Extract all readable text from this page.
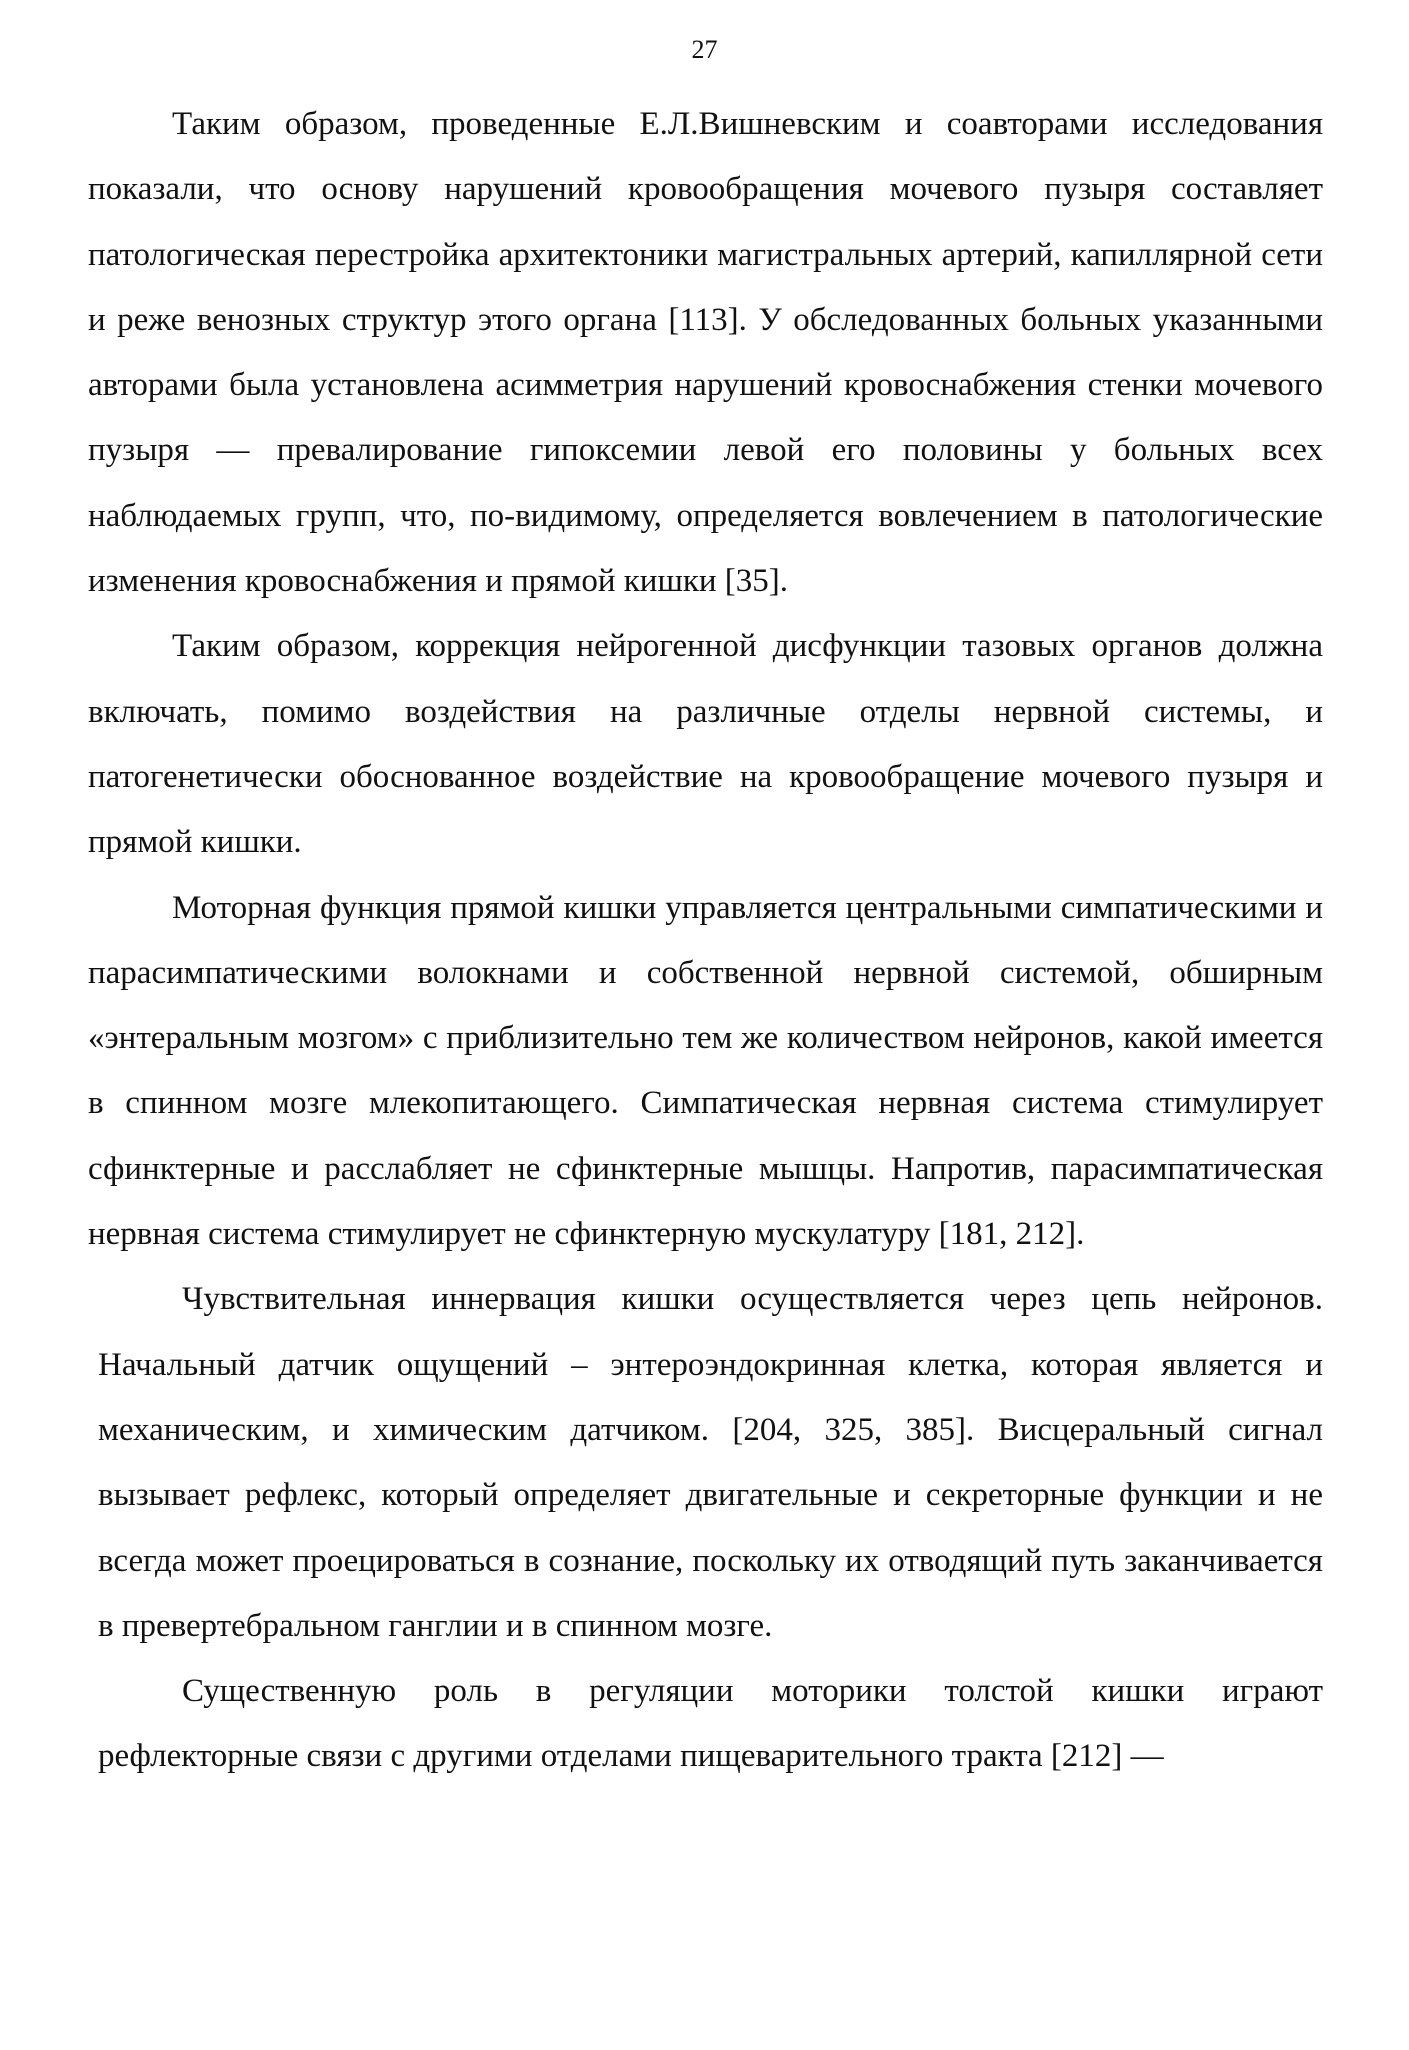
27

Таким образом, проведенные Е.Л.Вишневским и соавторами исследования показали, что основу нарушений кровообращения мочевого пузыря составляет патологическая перестройка архитектоники магистральных артерий, капиллярной сети и реже венозных структур этого органа [113]. У обследованных больных указанными авторами была установлена асимметрия нарушений кровоснабжения стенки мочевого пузыря — превалирование гипоксемии левой его половины у больных всех наблюдаемых групп, что, по-видимому, определяется вовлечением в патологические изменения кровоснабжения и прямой кишки [35].

Таким образом, коррекция нейрогенной дисфункции тазовых органов должна включать, помимо воздействия на различные отделы нервной системы, и патогенетически обоснованное воздействие на кровообращение мочевого пузыря и прямой кишки.

Моторная функция прямой кишки управляется центральными симпатическими и парасимпатическими волокнами и собственной нервной системой, обширным «энтеральным мозгом» с приблизительно тем же количеством нейронов, какой имеется в спинном мозге млекопитающего. Симпатическая нервная система стимулирует сфинктерные и расслабляет не сфинктерные мышцы. Напротив, парасимпатическая нервная система стимулирует не сфинктерную мускулатуру [181, 212].

Чувствительная иннервация кишки осуществляется через цепь нейронов. Начальный датчик ощущений – энтероэндокринная клетка, которая является и механическим, и химическим датчиком. [204, 325, 385]. Висцеральный сигнал вызывает рефлекс, который определяет двигательные и секреторные функции и не всегда может проецироваться в сознание, поскольку их отводящий путь заканчивается в превертебральном ганглии и в спинном мозге.

Существенную роль в регуляции моторики толстой кишки играют рефлекторные связи с другими отделами пищеварительного тракта [212] —
